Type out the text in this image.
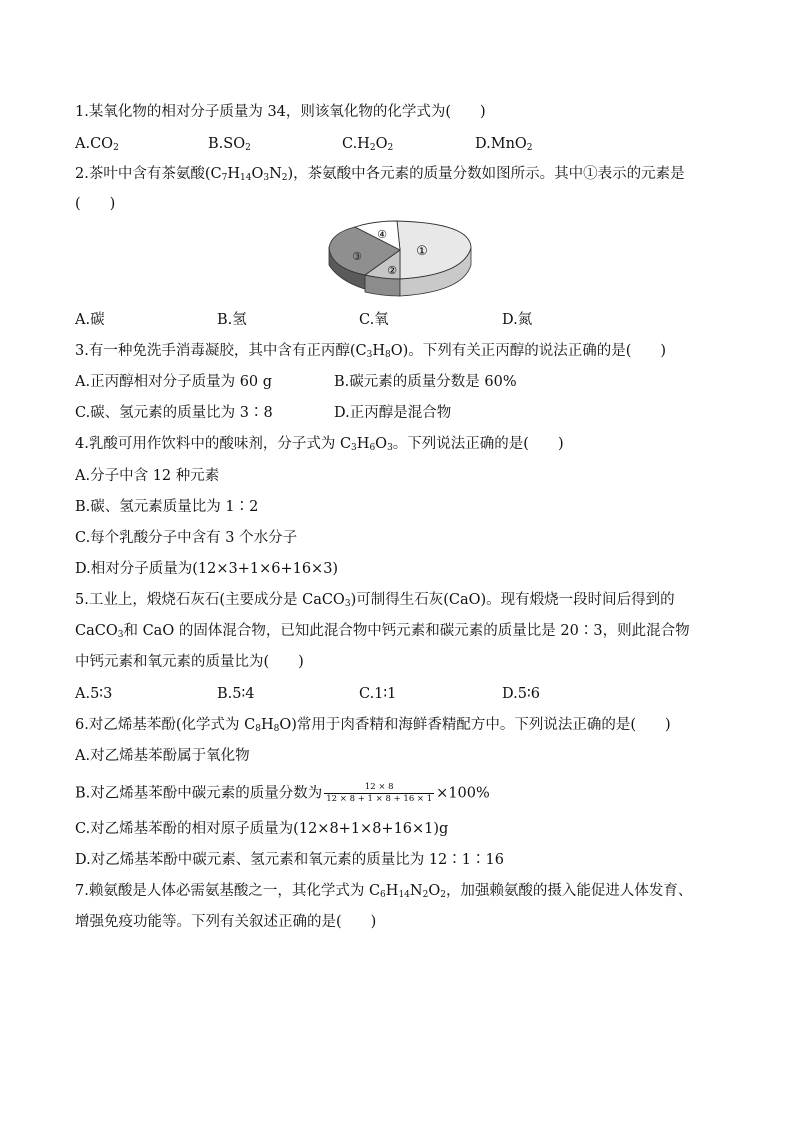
1.某氧化物的相对分子质量为 34，则该氧化物的化学式为(　　)
$A.CO_2$	$B.SO_2$	$C.H_2O_2$	D.MnO$_2$
2.茶叶中含有茶氨酸$(C_7H_{14}O_3N_2)$，茶氨酸中各元素的质量分数如图所示。其中①表示的元素是
(　　)
①
②
③
④
A.碳	B.氢	C.氧	D.氮
3.有一种免洗手消毒凝胶，其中含有正丙醇$(C_3H_8O)$。下列有关正丙醇的说法正确的是(　　)
A.正丙醇相对分子质量为 60 g	B.碳元素的质量分数是 60%
C.碳、氢元素的质量比为 3∶8	D.正丙醇是混合物
4.乳酸可用作饮料中的酸味剂，分子式为 $C_3H_6O_3$。下列说法正确的是(　　)
A.分子中含 12 种元素
B.碳、氢元素质量比为 1∶2
C.每个乳酸分子中含有 3 个水分子
D.相对分子质量为(12×3+1×6+16×3)
5.工业上，煅烧石灰石(主要成分是 CaCO$_3$)可制得生石灰(CaO)。现有煅烧一段时间后得到的
CaCO$_3$和 CaO 的固体混合物，已知此混合物中钙元素和碳元素的质量比是 20∶3，则此混合物
中钙元素和氧元素的质量比为(　　)
A.5∶3	B.5∶4	C.1∶1	D.5∶6
6.对乙烯基苯酚(化学式为 $C_8H_8O$)常用于肉香精和海鲜香精配方中。下列说法正确的是(　　)
A.对乙烯基苯酚属于氧化物
B.对乙烯基苯酚中碳元素的质量分数为 $\frac{12 \times 8}{12 \times 8 + 1 \times 8 + 16 \times 1} \times 100\%$
C.对乙烯基苯酚的相对原子质量为(12×8+1×8+16×1)g
D.对乙烯基苯酚中碳元素、氢元素和氧元素的质量比为 12∶1∶16
7.赖氨酸是人体必需氨基酸之一，其化学式为 $C_6H_{14}N_2O_2$，加强赖氨酸的摄入能促进人体发育、
增强免疫功能等。下列有关叙述正确的是(　　)
